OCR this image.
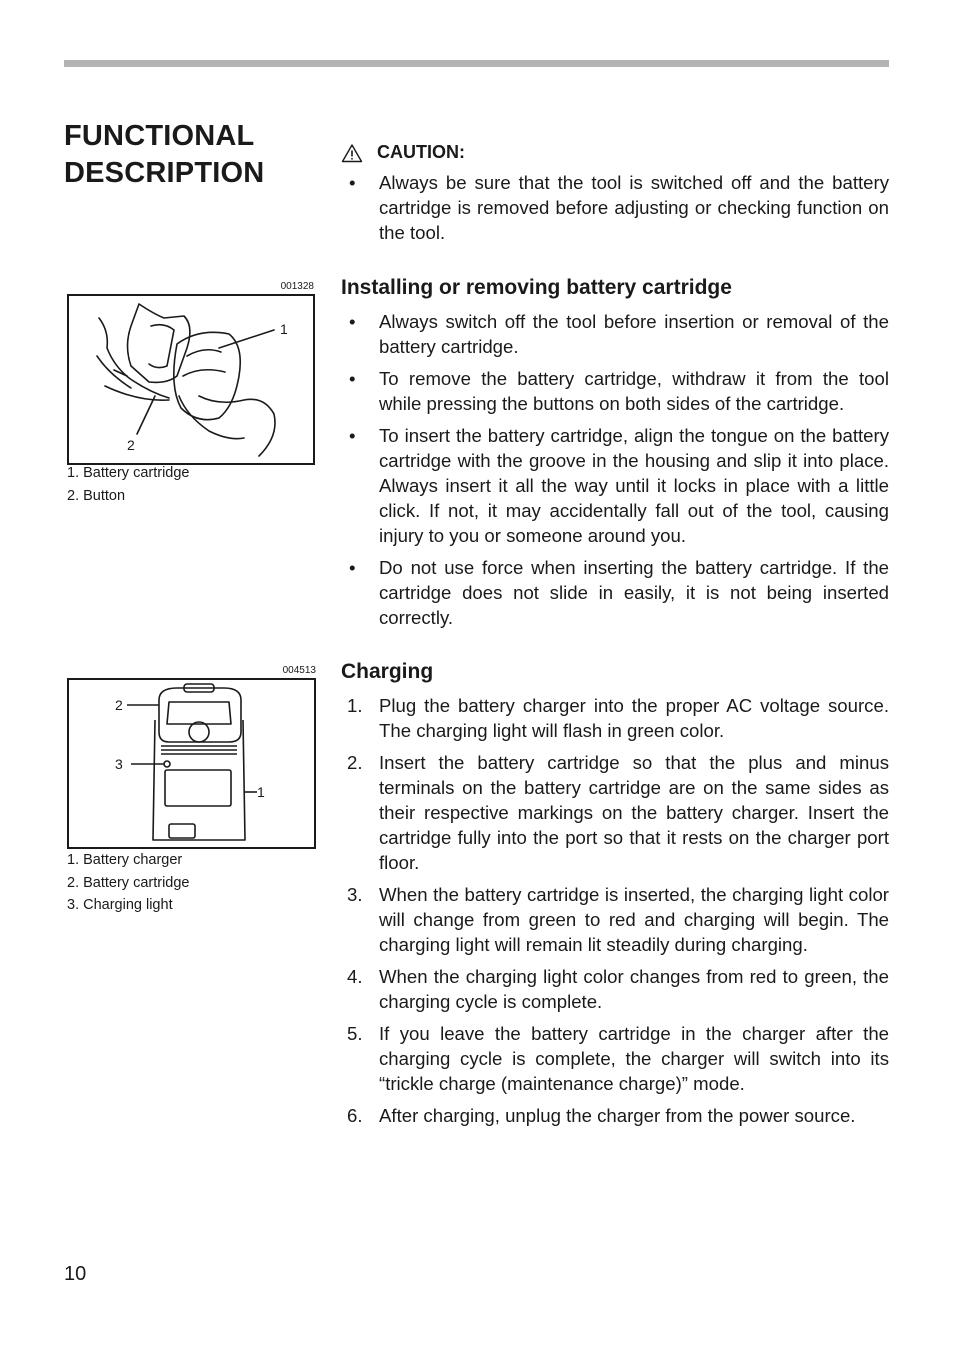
FUNCTIONAL DESCRIPTION
001328
1
2
1. Battery cartridge
2. Button
004513
2
3
1
1. Battery charger
2. Battery cartridge
3. Charging light
CAUTION:
• Always be sure that the tool is switched off and the battery cartridge is removed before adjusting or checking function on the tool.
Installing or removing battery cartridge
• Always switch off the tool before insertion or removal of the battery cartridge.
• To remove the battery cartridge, withdraw it from the tool while pressing the buttons on both sides of the cartridge.
• To insert the battery cartridge, align the tongue on the battery cartridge with the groove in the housing and slip it into place. Always insert it all the way until it locks in place with a little click. If not, it may accidentally fall out of the tool, causing injury to you or someone around you.
• Do not use force when inserting the battery cartridge. If the cartridge does not slide in easily, it is not being inserted correctly.
Charging
1. Plug the battery charger into the proper AC voltage source. The charging light will flash in green color.
2. Insert the battery cartridge so that the plus and minus terminals on the battery cartridge are on the same sides as their respective markings on the battery charger. Insert the cartridge fully into the port so that it rests on the charger port floor.
3. When the battery cartridge is inserted, the charging light color will change from green to red and charging will begin. The charging light will remain lit steadily during charging.
4. When the charging light color changes from red to green, the charging cycle is complete.
5. If you leave the battery cartridge in the charger after the charging cycle is complete, the charger will switch into its “trickle charge (maintenance charge)” mode.
6. After charging, unplug the charger from the power source.
10
